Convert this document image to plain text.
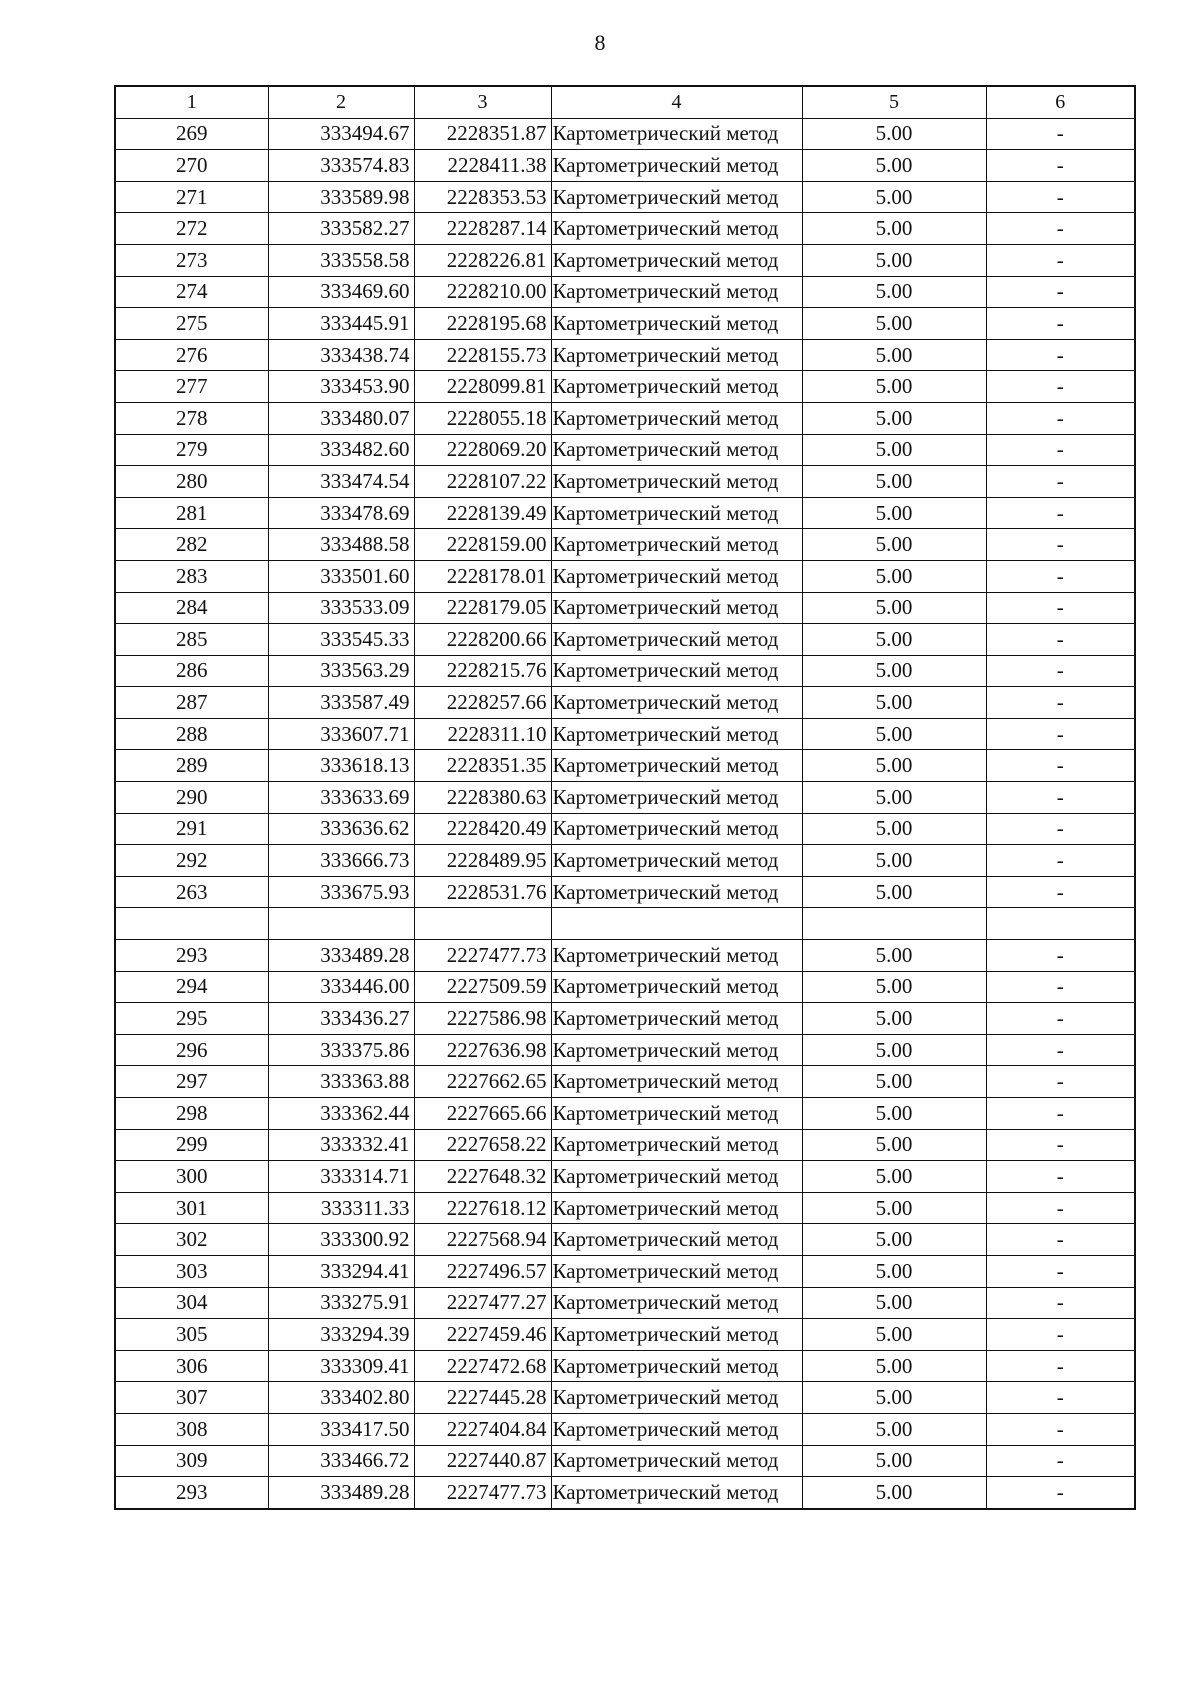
8
1	2	3	4	5	6
269	333494.67	2228351.87	Картометрический метод	5.00	-
270	333574.83	2228411.38	Картометрический метод	5.00	-
271	333589.98	2228353.53	Картометрический метод	5.00	-
272	333582.27	2228287.14	Картометрический метод	5.00	-
273	333558.58	2228226.81	Картометрический метод	5.00	-
274	333469.60	2228210.00	Картометрический метод	5.00	-
275	333445.91	2228195.68	Картометрический метод	5.00	-
276	333438.74	2228155.73	Картометрический метод	5.00	-
277	333453.90	2228099.81	Картометрический метод	5.00	-
278	333480.07	2228055.18	Картометрический метод	5.00	-
279	333482.60	2228069.20	Картометрический метод	5.00	-
280	333474.54	2228107.22	Картометрический метод	5.00	-
281	333478.69	2228139.49	Картометрический метод	5.00	-
282	333488.58	2228159.00	Картометрический метод	5.00	-
283	333501.60	2228178.01	Картометрический метод	5.00	-
284	333533.09	2228179.05	Картометрический метод	5.00	-
285	333545.33	2228200.66	Картометрический метод	5.00	-
286	333563.29	2228215.76	Картометрический метод	5.00	-
287	333587.49	2228257.66	Картометрический метод	5.00	-
288	333607.71	2228311.10	Картометрический метод	5.00	-
289	333618.13	2228351.35	Картометрический метод	5.00	-
290	333633.69	2228380.63	Картометрический метод	5.00	-
291	333636.62	2228420.49	Картометрический метод	5.00	-
292	333666.73	2228489.95	Картометрический метод	5.00	-
263	333675.93	2228531.76	Картометрический метод	5.00	-

293	333489.28	2227477.73	Картометрический метод	5.00	-
294	333446.00	2227509.59	Картометрический метод	5.00	-
295	333436.27	2227586.98	Картометрический метод	5.00	-
296	333375.86	2227636.98	Картометрический метод	5.00	-
297	333363.88	2227662.65	Картометрический метод	5.00	-
298	333362.44	2227665.66	Картометрический метод	5.00	-
299	333332.41	2227658.22	Картометрический метод	5.00	-
300	333314.71	2227648.32	Картометрический метод	5.00	-
301	333311.33	2227618.12	Картометрический метод	5.00	-
302	333300.92	2227568.94	Картометрический метод	5.00	-
303	333294.41	2227496.57	Картометрический метод	5.00	-
304	333275.91	2227477.27	Картометрический метод	5.00	-
305	333294.39	2227459.46	Картометрический метод	5.00	-
306	333309.41	2227472.68	Картометрический метод	5.00	-
307	333402.80	2227445.28	Картометрический метод	5.00	-
308	333417.50	2227404.84	Картометрический метод	5.00	-
309	333466.72	2227440.87	Картометрический метод	5.00	-
293	333489.28	2227477.73	Картометрический метод	5.00	-
